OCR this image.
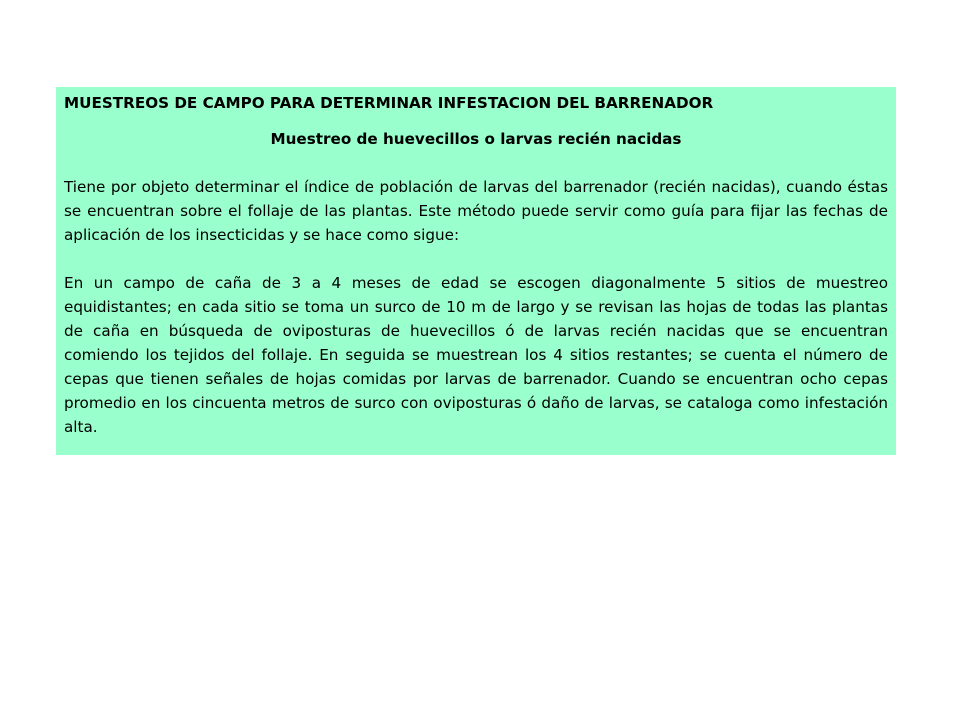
MUESTREOS DE CAMPO PARA DETERMINAR INFESTACION DEL BARRENADOR

Muestreo de huevecillos o larvas recién nacidas

Tiene por objeto determinar el índice de población de larvas del barrenador (recién nacidas), cuando éstas se encuentran sobre el follaje de las plantas. Este método puede servir como guía para fijar las fechas de aplicación de los insecticidas y se hace como sigue:

En un campo de caña de 3 a 4 meses de edad se escogen diagonalmente 5 sitios de muestreo equidistantes; en cada sitio se toma un surco de 10 m de largo y se revisan las hojas de todas las plantas de caña en búsqueda de oviposturas de huevecillos ó de larvas recién nacidas que se encuentran comiendo los tejidos del follaje. En seguida se muestrean los 4 sitios restantes; se cuenta el número de cepas que tienen señales de hojas comidas por larvas de barrenador. Cuando se encuentran ocho cepas promedio en los cincuenta metros de surco con oviposturas ó daño de larvas, se cataloga como infestación alta.
